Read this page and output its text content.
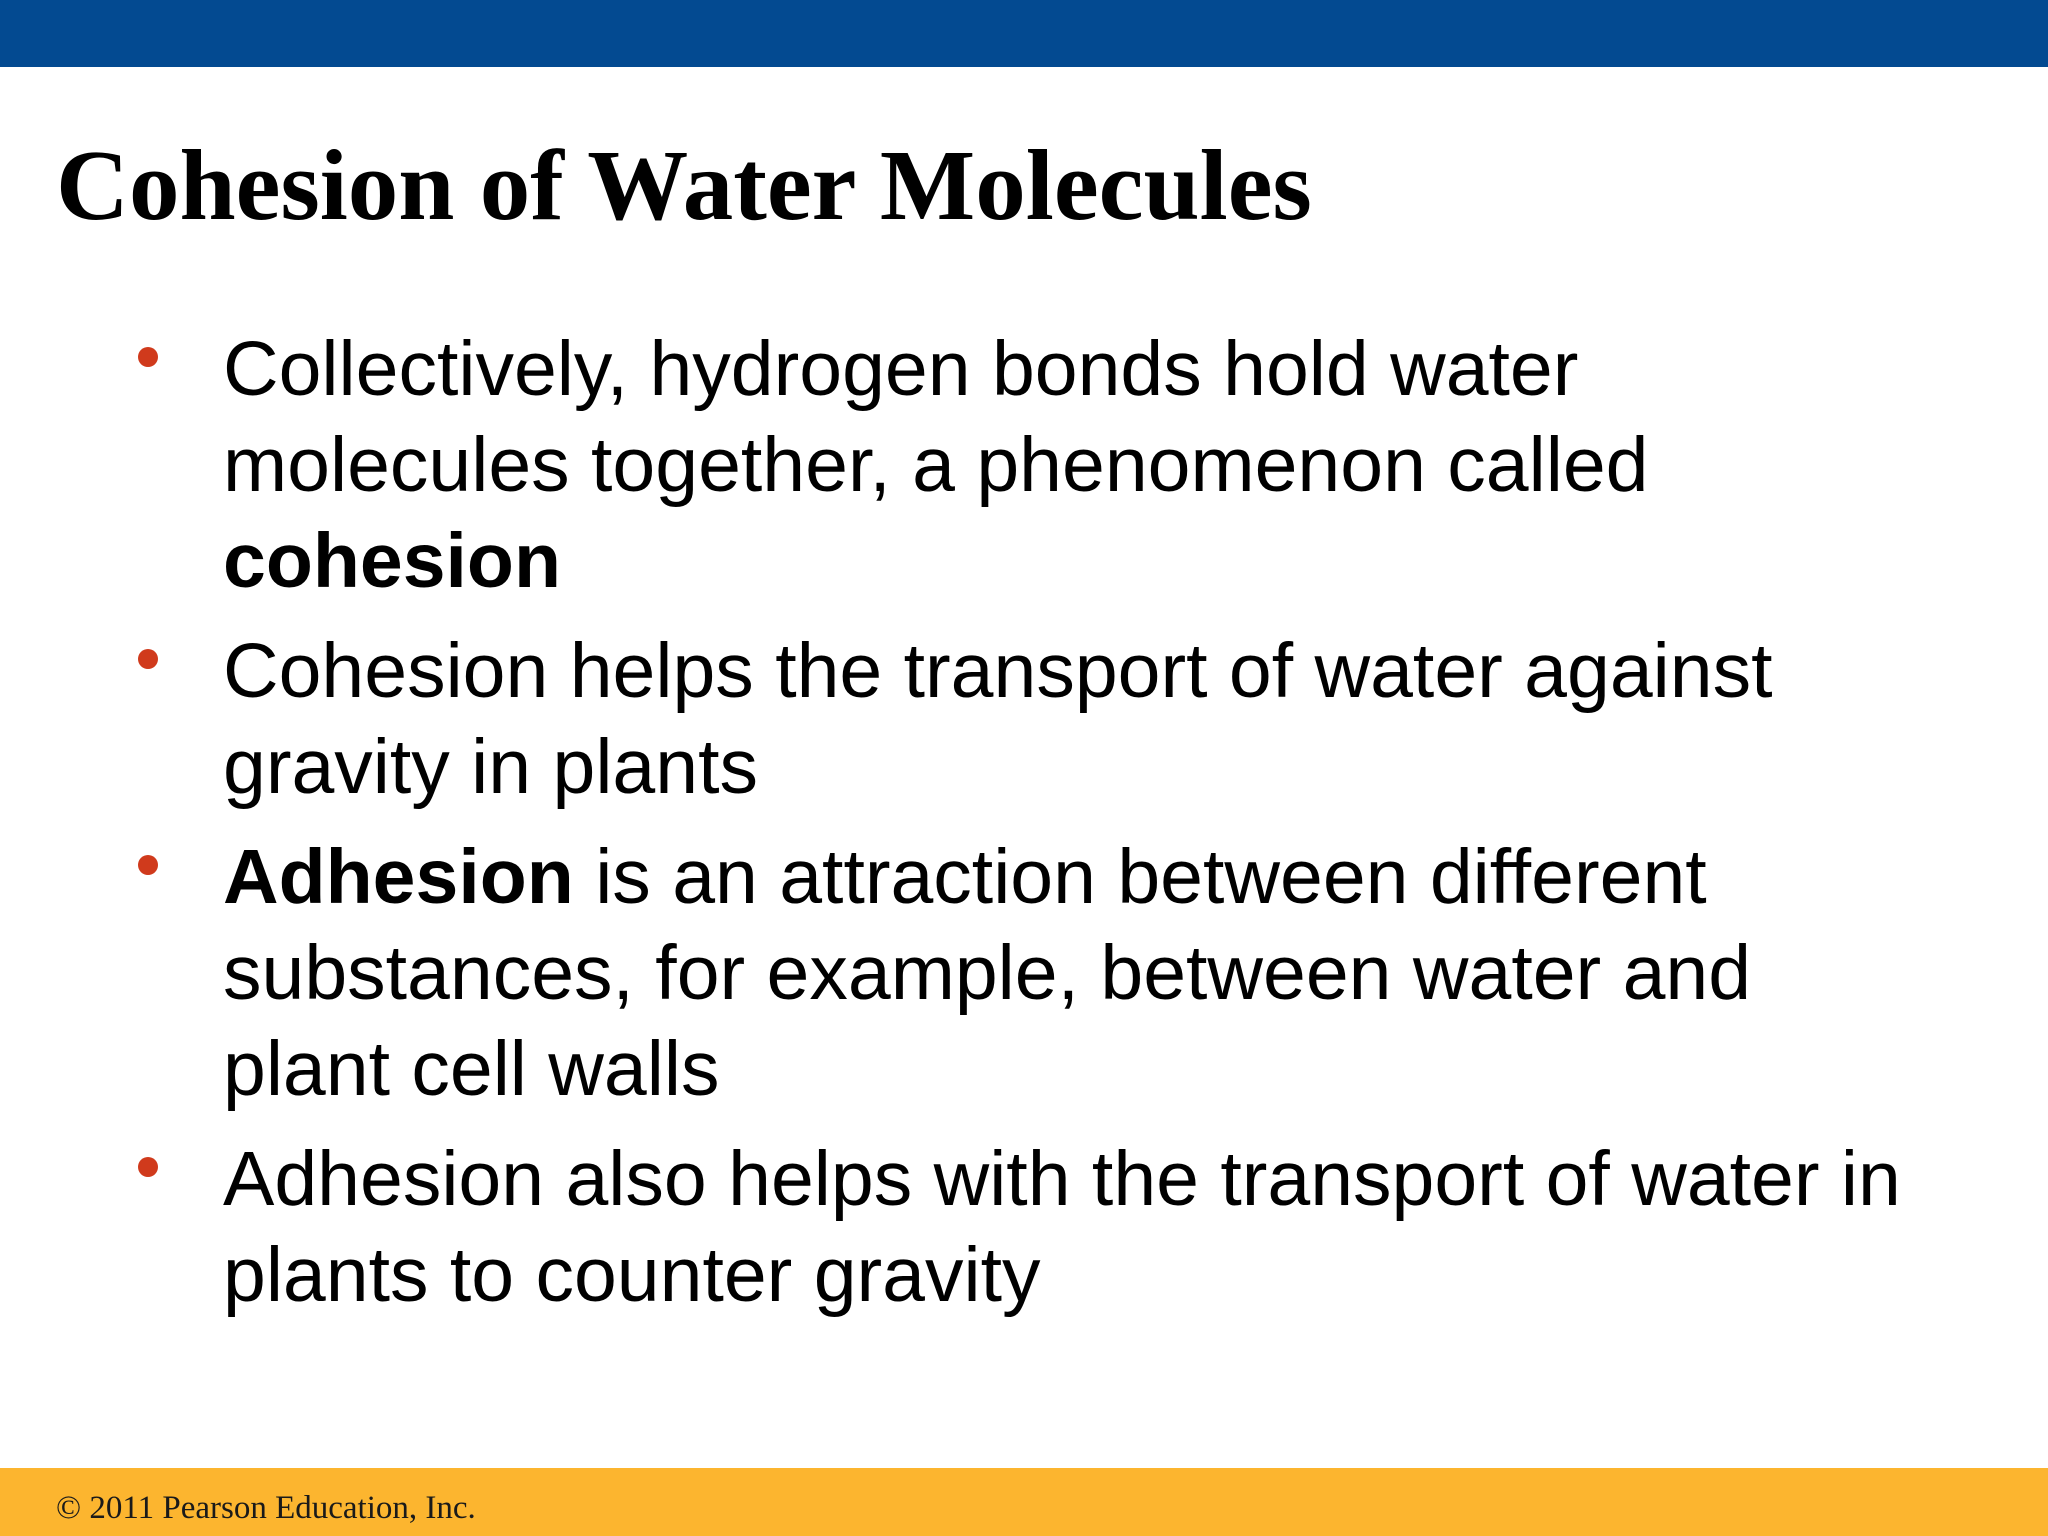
Cohesion of Water Molecules
Collectively, hydrogen bonds hold water molecules together, a phenomenon called cohesion
Cohesion helps the transport of water against gravity in plants
Adhesion is an attraction between different substances, for example, between water and plant cell walls
Adhesion also helps with the transport of water in plants to counter gravity
© 2011 Pearson Education, Inc.
